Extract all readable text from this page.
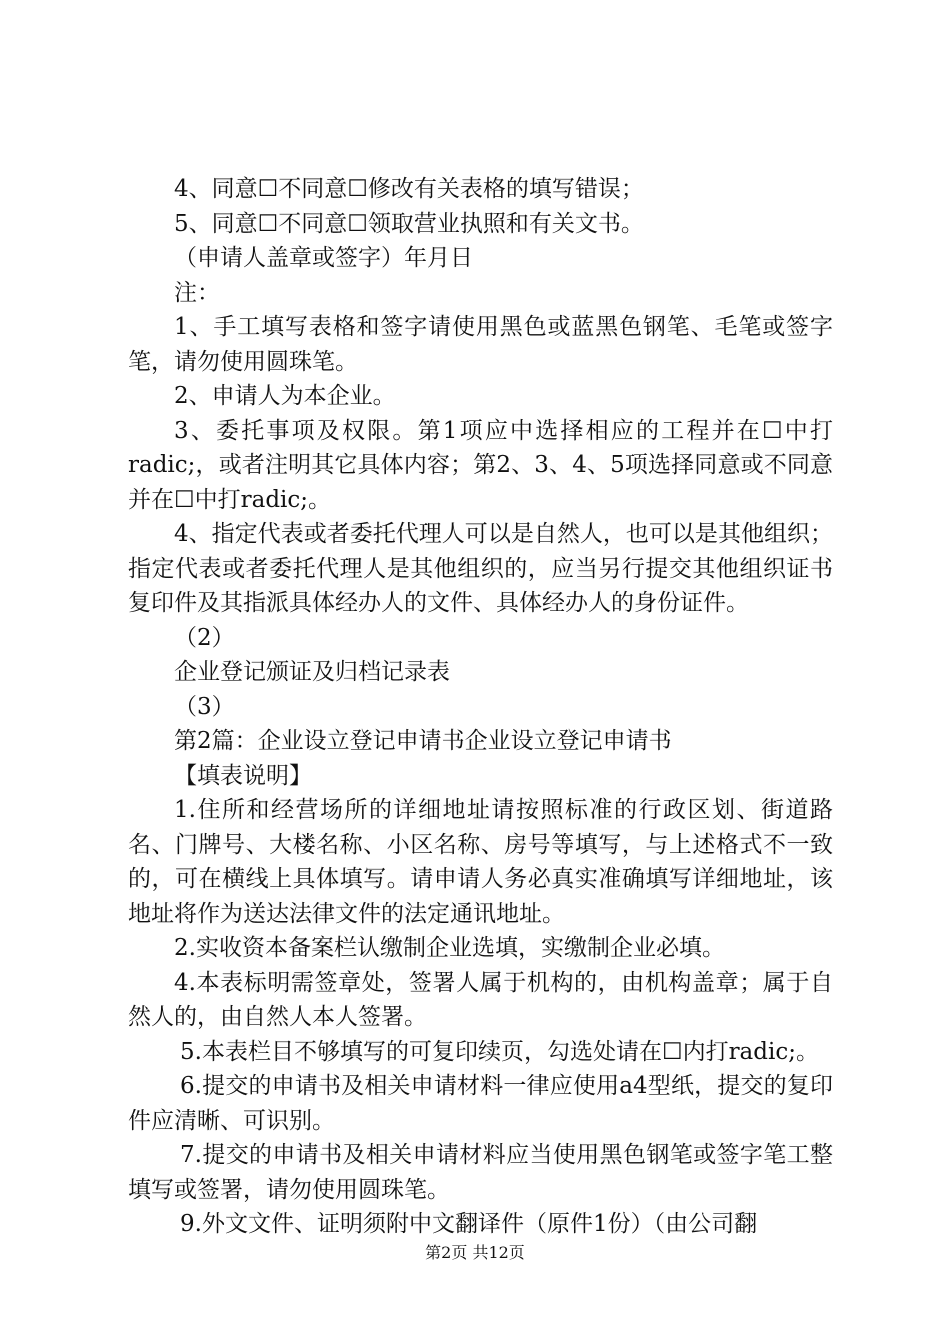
4、同意☐不同意☐修改有关表格的填写错误；

5、同意☐不同意☐领取营业执照和有关文书。

（申请人盖章或签字）年月日

注：

1、手工填写表格和签字请使用黑色或蓝黑色钢笔、毛笔或签字笔，请勿使用圆珠笔。

2、申请人为本企业。

3、委托事项及权限。第1项应中选择相应的工程并在☐中打radic;，或者注明其它具体内容；第2、3、4、5项选择同意或不同意并在☐中打radic;。

4、指定代表或者委托代理人可以是自然人，也可以是其他组织；指定代表或者委托代理人是其他组织的，应当另行提交其他组织证书复印件及其指派具体经办人的文件、具体经办人的身份证件。

（2）

企业登记颁证及归档记录表

（3）

第2篇：企业设立登记申请书企业设立登记申请书

【填表说明】

1.住所和经营场所的详细地址请按照标准的行政区划、街道路名、门牌号、大楼名称、小区名称、房号等填写，与上述格式不一致的，可在横线上具体填写。请申请人务必真实准确填写详细地址，该地址将作为送达法律文件的法定通讯地址。

2.实收资本备案栏认缴制企业选填，实缴制企业必填。

4.本表标明需签章处，签署人属于机构的，由机构盖章；属于自然人的，由自然人本人签署。

5.本表栏目不够填写的可复印续页，勾选处请在☐内打radic;。

6.提交的申请书及相关申请材料一律应使用a4型纸，提交的复印件应清晰、可识别。

7.提交的申请书及相关申请材料应当使用黑色钢笔或签字笔工整填写或签署，请勿使用圆珠笔。

9.外文文件、证明须附中文翻译件（原件1份）（由公司翻

第2页 共12页
